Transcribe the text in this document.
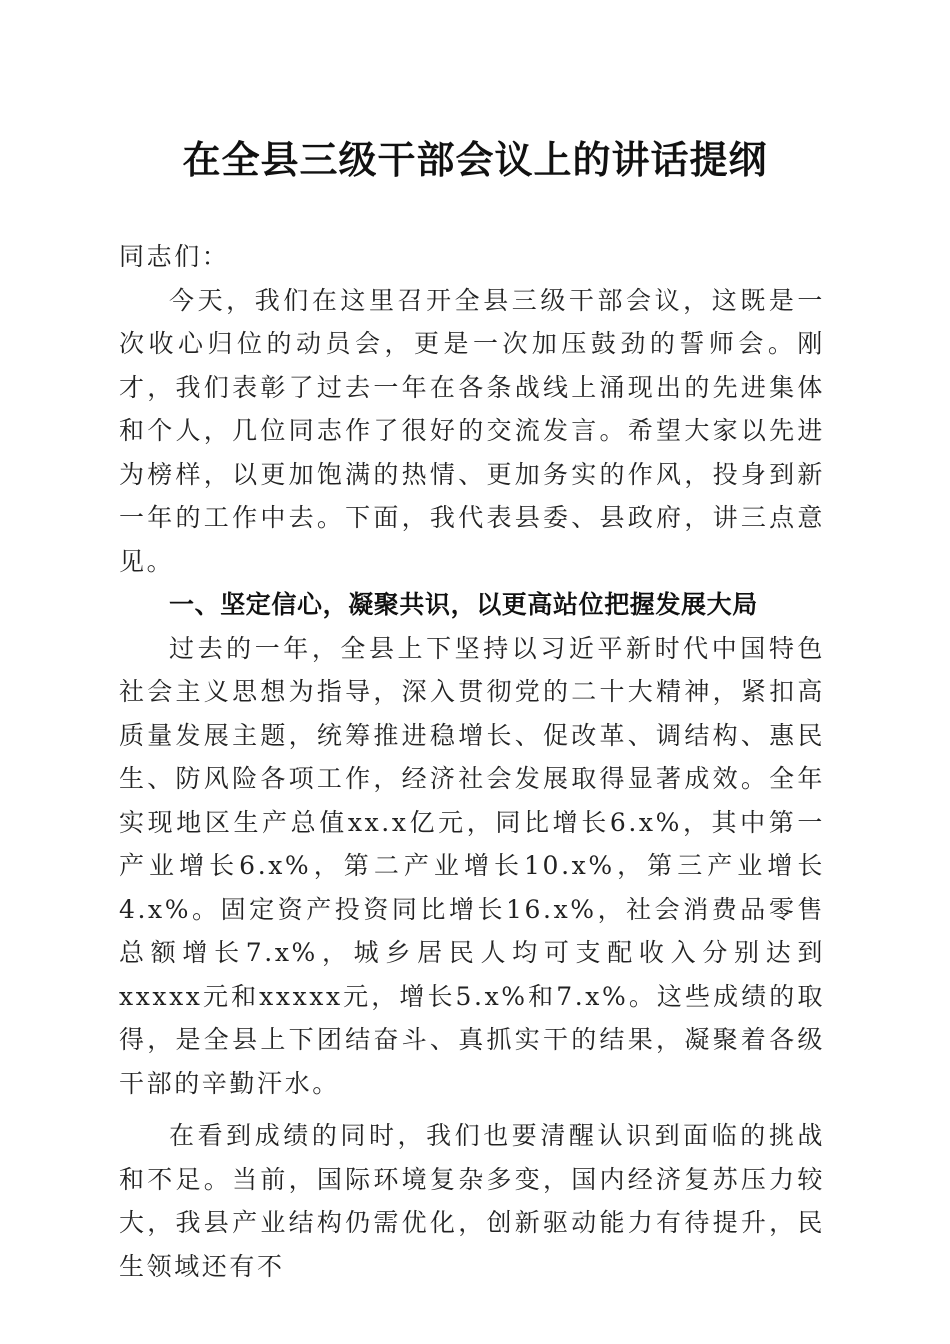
在全县三级干部会议上的讲话提纲

同志们：

今天，我们在这里召开全县三级干部会议，这既是一次收心归位的动员会，更是一次加压鼓劲的誓师会。刚才，我们表彰了过去一年在各条战线上涌现出的先进集体和个人，几位同志作了很好的交流发言。希望大家以先进为榜样，以更加饱满的热情、更加务实的作风，投身到新一年的工作中去。下面，我代表县委、县政府，讲三点意见。

一、坚定信心，凝聚共识，以更高站位把握发展大局

过去的一年，全县上下坚持以习近平新时代中国特色社会主义思想为指导，深入贯彻党的二十大精神，紧扣高质量发展主题，统筹推进稳增长、促改革、调结构、惠民生、防风险各项工作，经济社会发展取得显著成效。全年实现地区生产总值xx.x亿元，同比增长6.x%，其中第一产业增长6.x%，第二产业增长10.x%，第三产业增长4.x%。固定资产投资同比增长16.x%，社会消费品零售总额增长7.x%，城乡居民人均可支配收入分别达到xxxxx元和xxxxx元，增长5.x%和7.x%。这些成绩的取得，是全县上下团结奋斗、真抓实干的结果，凝聚着各级干部的辛勤汗水。

在看到成绩的同时，我们也要清醒认识到面临的挑战和不足。当前，国际环境复杂多变，国内经济复苏压力较大，我县产业结构仍需优化，创新驱动能力有待提升，民生领域还有不
